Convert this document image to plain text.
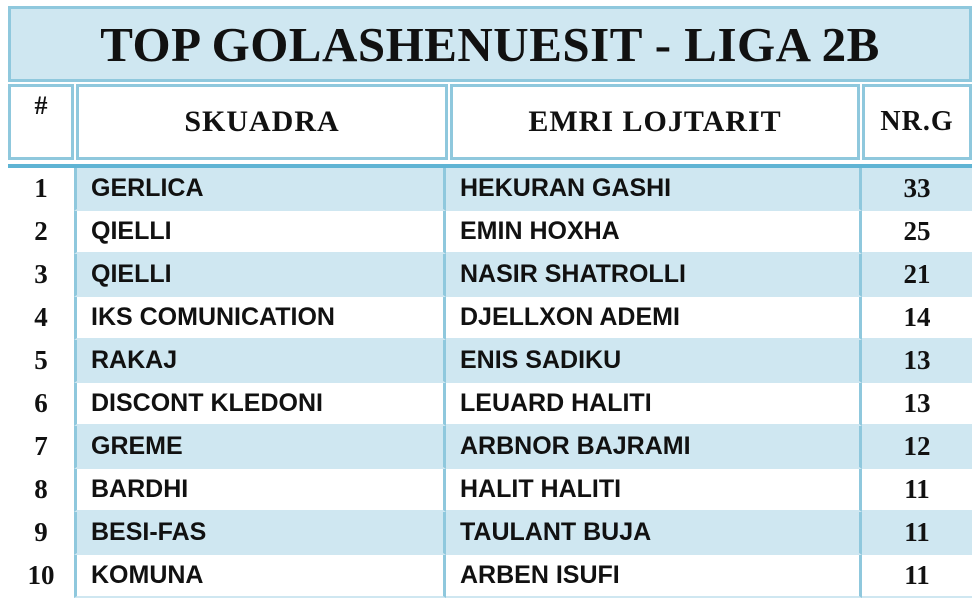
TOP GOLASHENUESIT - LIGA 2B
#	SKUADRA	EMRI LOJTARIT	NR.G
1	GERLICA	HEKURAN GASHI	33
2	QIELLI	EMIN HOXHA	25
3	QIELLI	NASIR SHATROLLI	21
4	IKS COMUNICATION	DJELLXON ADEMI	14
5	RAKAJ	ENIS SADIKU	13
6	DISCONT KLEDONI	LEUARD HALITI	13
7	GREME	ARBNOR BAJRAMI	12
8	BARDHI	HALIT HALITI	11
9	BESI-FAS	TAULANT BUJA	11
10	KOMUNA	ARBEN ISUFI	11
